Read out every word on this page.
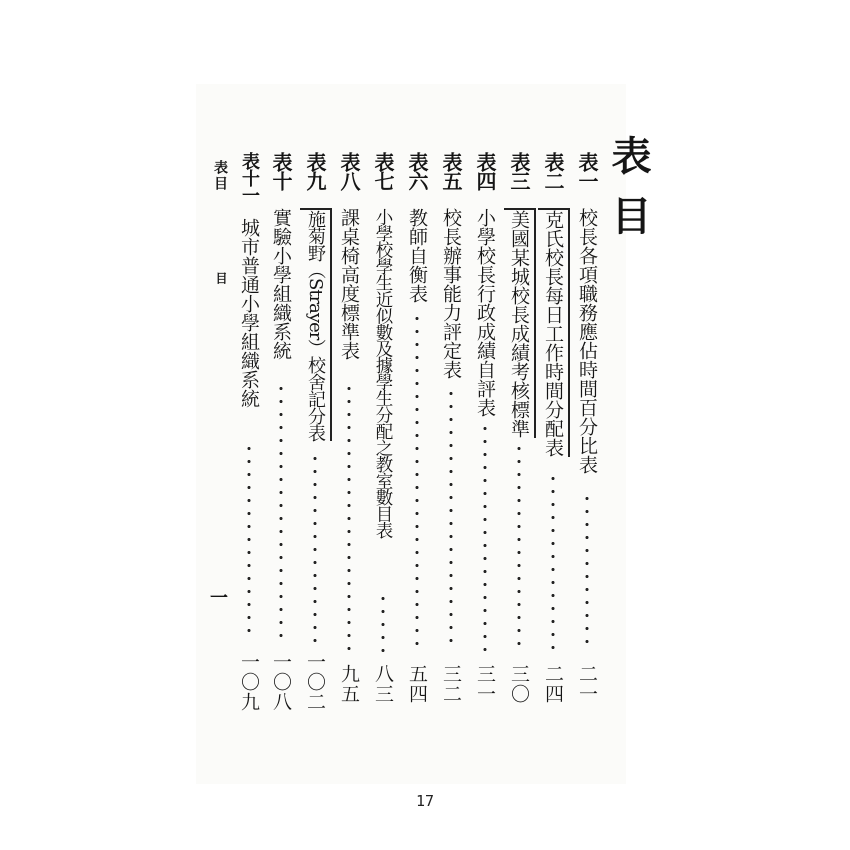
表目
表一
校長各項職務應佔時間百分比表
二一
表二
克氏校長每日工作時間分配表
二四
表三
美國某城校長成績考核標準
三〇
表四
小學校長行政成績自評表
三一
表五
校長辦事能力評定表
三二
表六
教師自衡表
五四
表七
小學校學生近似數及據學生分配之教室數目表
八三
表八
課桌椅高度標準表
九五
表九
施菊野（Strayer）校舍記分表
一〇二
表十
實驗小學組織系統
一〇八
表十一
城市普通小學組織系統
一〇九
表目
目
一
17
